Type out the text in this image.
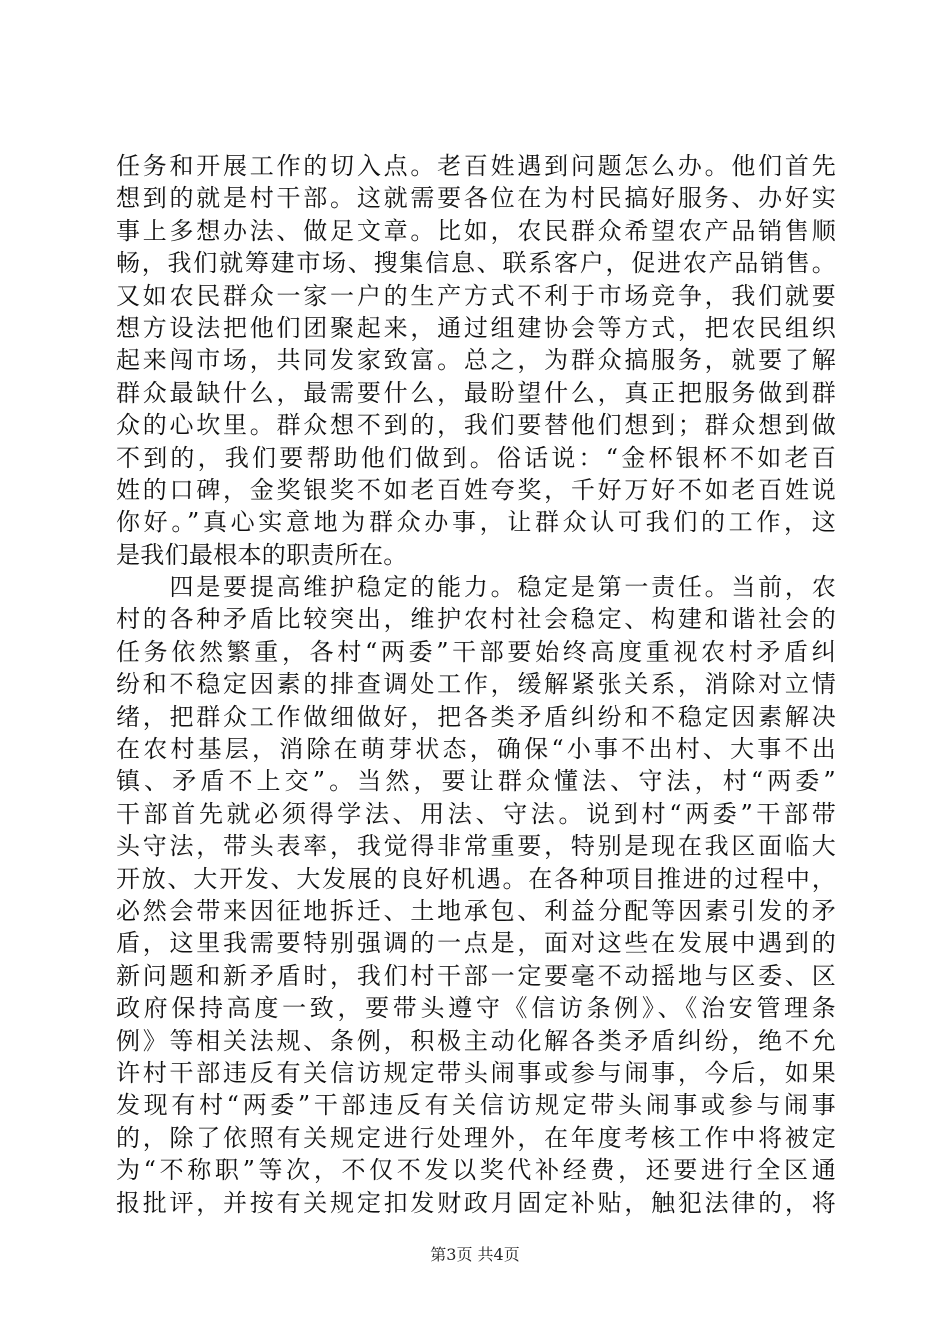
任务和开展工作的切入点。老百姓遇到问题怎么办。他们首先
想到的就是村干部。这就需要各位在为村民搞好服务、办好实
事上多想办法、做足文章。比如，农民群众希望农产品销售顺
畅，我们就筹建市场、搜集信息、联系客户，促进农产品销售。
又如农民群众一家一户的生产方式不利于市场竞争，我们就要
想方设法把他们团聚起来，通过组建协会等方式，把农民组织
起来闯市场，共同发家致富。总之，为群众搞服务，就要了解
群众最缺什么，最需要什么，最盼望什么，真正把服务做到群
众的心坎里。群众想不到的，我们要替他们想到；群众想到做
不到的，我们要帮助他们做到。俗话说：“金杯银杯不如老百
姓的口碑，金奖银奖不如老百姓夸奖，千好万好不如老百姓说
你好。”真心实意地为群众办事，让群众认可我们的工作，这
是我们最根本的职责所在。
　　四是要提高维护稳定的能力。稳定是第一责任。当前，农
村的各种矛盾比较突出，维护农村社会稳定、构建和谐社会的
任务依然繁重，各村“两委”干部要始终高度重视农村矛盾纠
纷和不稳定因素的排查调处工作，缓解紧张关系，消除对立情
绪，把群众工作做细做好，把各类矛盾纠纷和不稳定因素解决
在农村基层，消除在萌芽状态，确保“小事不出村、大事不出
镇、矛盾不上交”。当然，要让群众懂法、守法，村“两委”
干部首先就必须得学法、用法、守法。说到村“两委”干部带
头守法，带头表率，我觉得非常重要，特别是现在我区面临大
开放、大开发、大发展的良好机遇。在各种项目推进的过程中，
必然会带来因征地拆迁、土地承包、利益分配等因素引发的矛
盾，这里我需要特别强调的一点是，面对这些在发展中遇到的
新问题和新矛盾时，我们村干部一定要毫不动摇地与区委、区
政府保持高度一致，要带头遵守《信访条例》、《治安管理条
例》等相关法规、条例，积极主动化解各类矛盾纠纷，绝不允
许村干部违反有关信访规定带头闹事或参与闹事，今后，如果
发现有村“两委”干部违反有关信访规定带头闹事或参与闹事
的，除了依照有关规定进行处理外，在年度考核工作中将被定
为“不称职”等次，不仅不发以奖代补经费，还要进行全区通
报批评，并按有关规定扣发财政月固定补贴，触犯法律的，将
第3页 共4页
